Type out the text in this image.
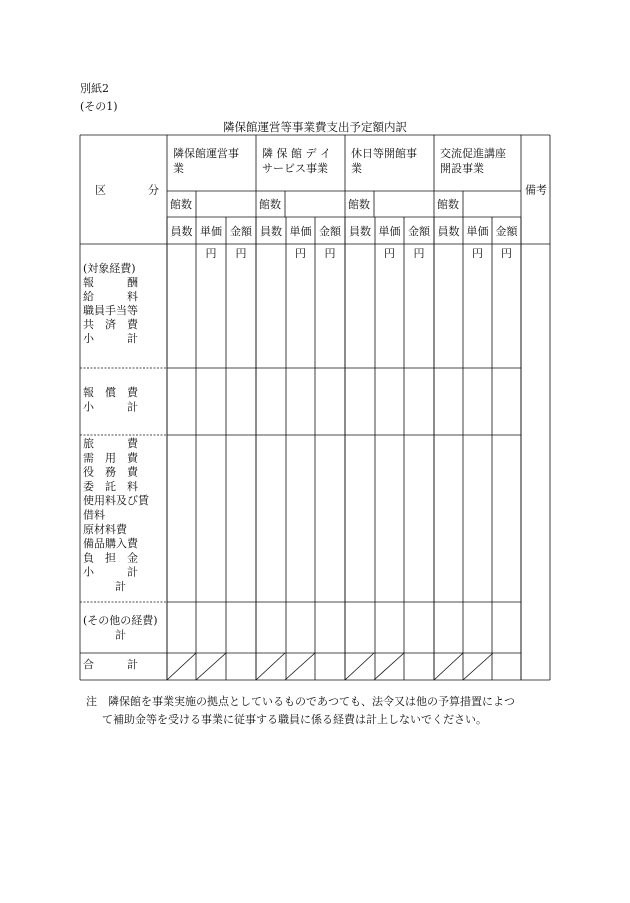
別紙2
(その1)
隣保館運営等事業費支出予定額内訳
区	分	備考
隣保館運営事
業
館数
隣 保 館 デ イ
サービス事業
館数
休日等開館事
業
館数
交流促進講座
開設事業
館数
員数 単価 金額
円 円
員数 単価 金額
円 円
員数 単価 金額
円 円
員数 単価 金額
円 円
(対象経費)
報　　　酬
給　　　料
職員手当等
共　済　費
小　　　計
報　償　費
小　　　計
旅　　　費
需　用　費
役　務　費
委　託　料
使用料及び賃
借料
原材料費
備品購入費
負　担　金
小　　　計
計
(その他の経費)
計
合　　　計
注　隣保館を事業実施の拠点としているものであつても、法令又は他の予算措置によつ
て補助金等を受ける事業に従事する職員に係る経費は計上しないでください。
